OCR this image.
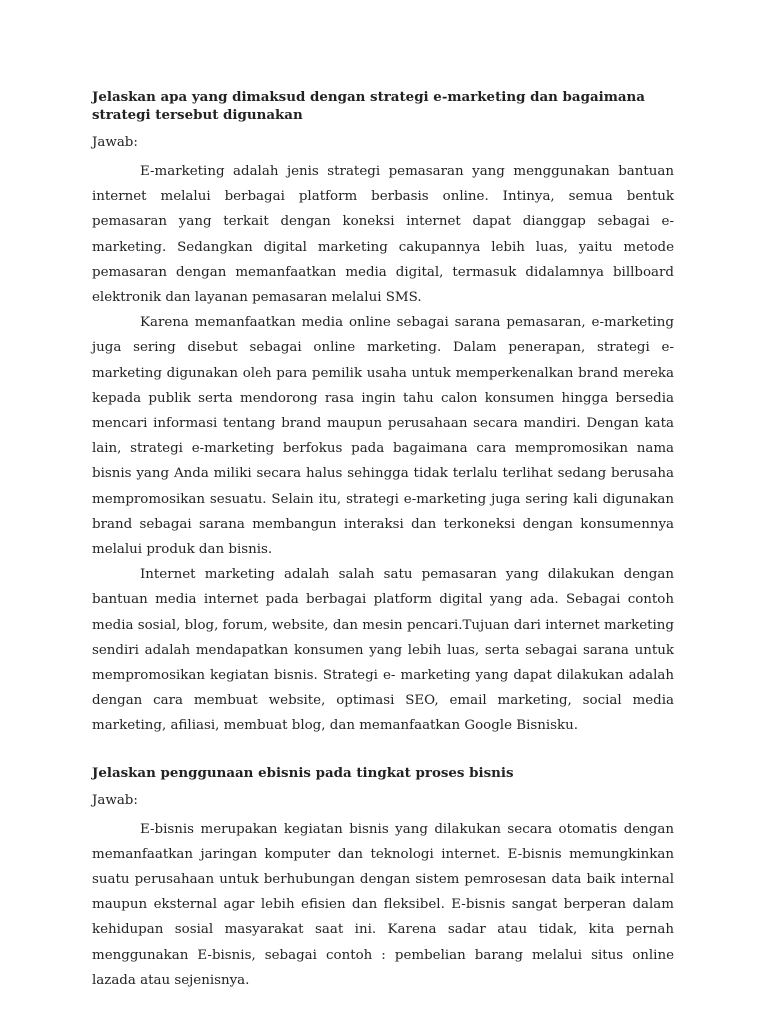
Jelaskan apa yang dimaksud dengan strategi e-marketing dan bagaimana strategi tersebut digunakan

Jawab:

E-marketing adalah jenis strategi pemasaran yang menggunakan bantuan internet melalui berbagai platform berbasis online. Intinya, semua bentuk pemasaran yang terkait dengan koneksi internet dapat dianggap sebagai e-marketing. Sedangkan digital marketing cakupannya lebih luas, yaitu metode pemasaran dengan memanfaatkan media digital, termasuk didalamnya billboard elektronik dan layanan pemasaran melalui SMS.

Karena memanfaatkan media online sebagai sarana pemasaran, e-marketing juga sering disebut sebagai online marketing. Dalam penerapan, strategi e-marketing digunakan oleh para pemilik usaha untuk memperkenalkan brand mereka kepada publik serta mendorong rasa ingin tahu calon konsumen hingga bersedia mencari informasi tentang brand maupun perusahaan secara mandiri. Dengan kata lain, strategi e-marketing berfokus pada bagaimana cara mempromosikan nama bisnis yang Anda miliki secara halus sehingga tidak terlalu terlihat sedang berusaha mempromosikan sesuatu. Selain itu, strategi e-marketing juga sering kali digunakan brand sebagai sarana membangun interaksi dan terkoneksi dengan konsumennya melalui produk dan bisnis.

Internet marketing adalah salah satu pemasaran yang dilakukan dengan bantuan media internet pada berbagai platform digital yang ada. Sebagai contoh media sosial, blog, forum, website, dan mesin pencari.Tujuan dari internet marketing sendiri adalah mendapatkan konsumen yang lebih luas, serta sebagai sarana untuk mempromosikan kegiatan bisnis. Strategi e- marketing yang dapat dilakukan adalah dengan cara membuat website, optimasi SEO, email marketing, social media marketing, afiliasi, membuat blog, dan memanfaatkan Google Bisnisku.

Jelaskan penggunaan ebisnis pada tingkat proses bisnis

Jawab:

E-bisnis merupakan kegiatan bisnis yang dilakukan secara otomatis dengan memanfaatkan jaringan komputer dan teknologi internet. E-bisnis memungkinkan suatu perusahaan untuk berhubungan dengan sistem pemrosesan data baik internal maupun eksternal agar lebih efisien dan fleksibel. E-bisnis sangat berperan dalam kehidupan sosial masyarakat saat ini. Karena sadar atau tidak, kita pernah menggunakan E-bisnis, sebagai contoh : pembelian barang melalui situs online lazada atau sejenisnya.
